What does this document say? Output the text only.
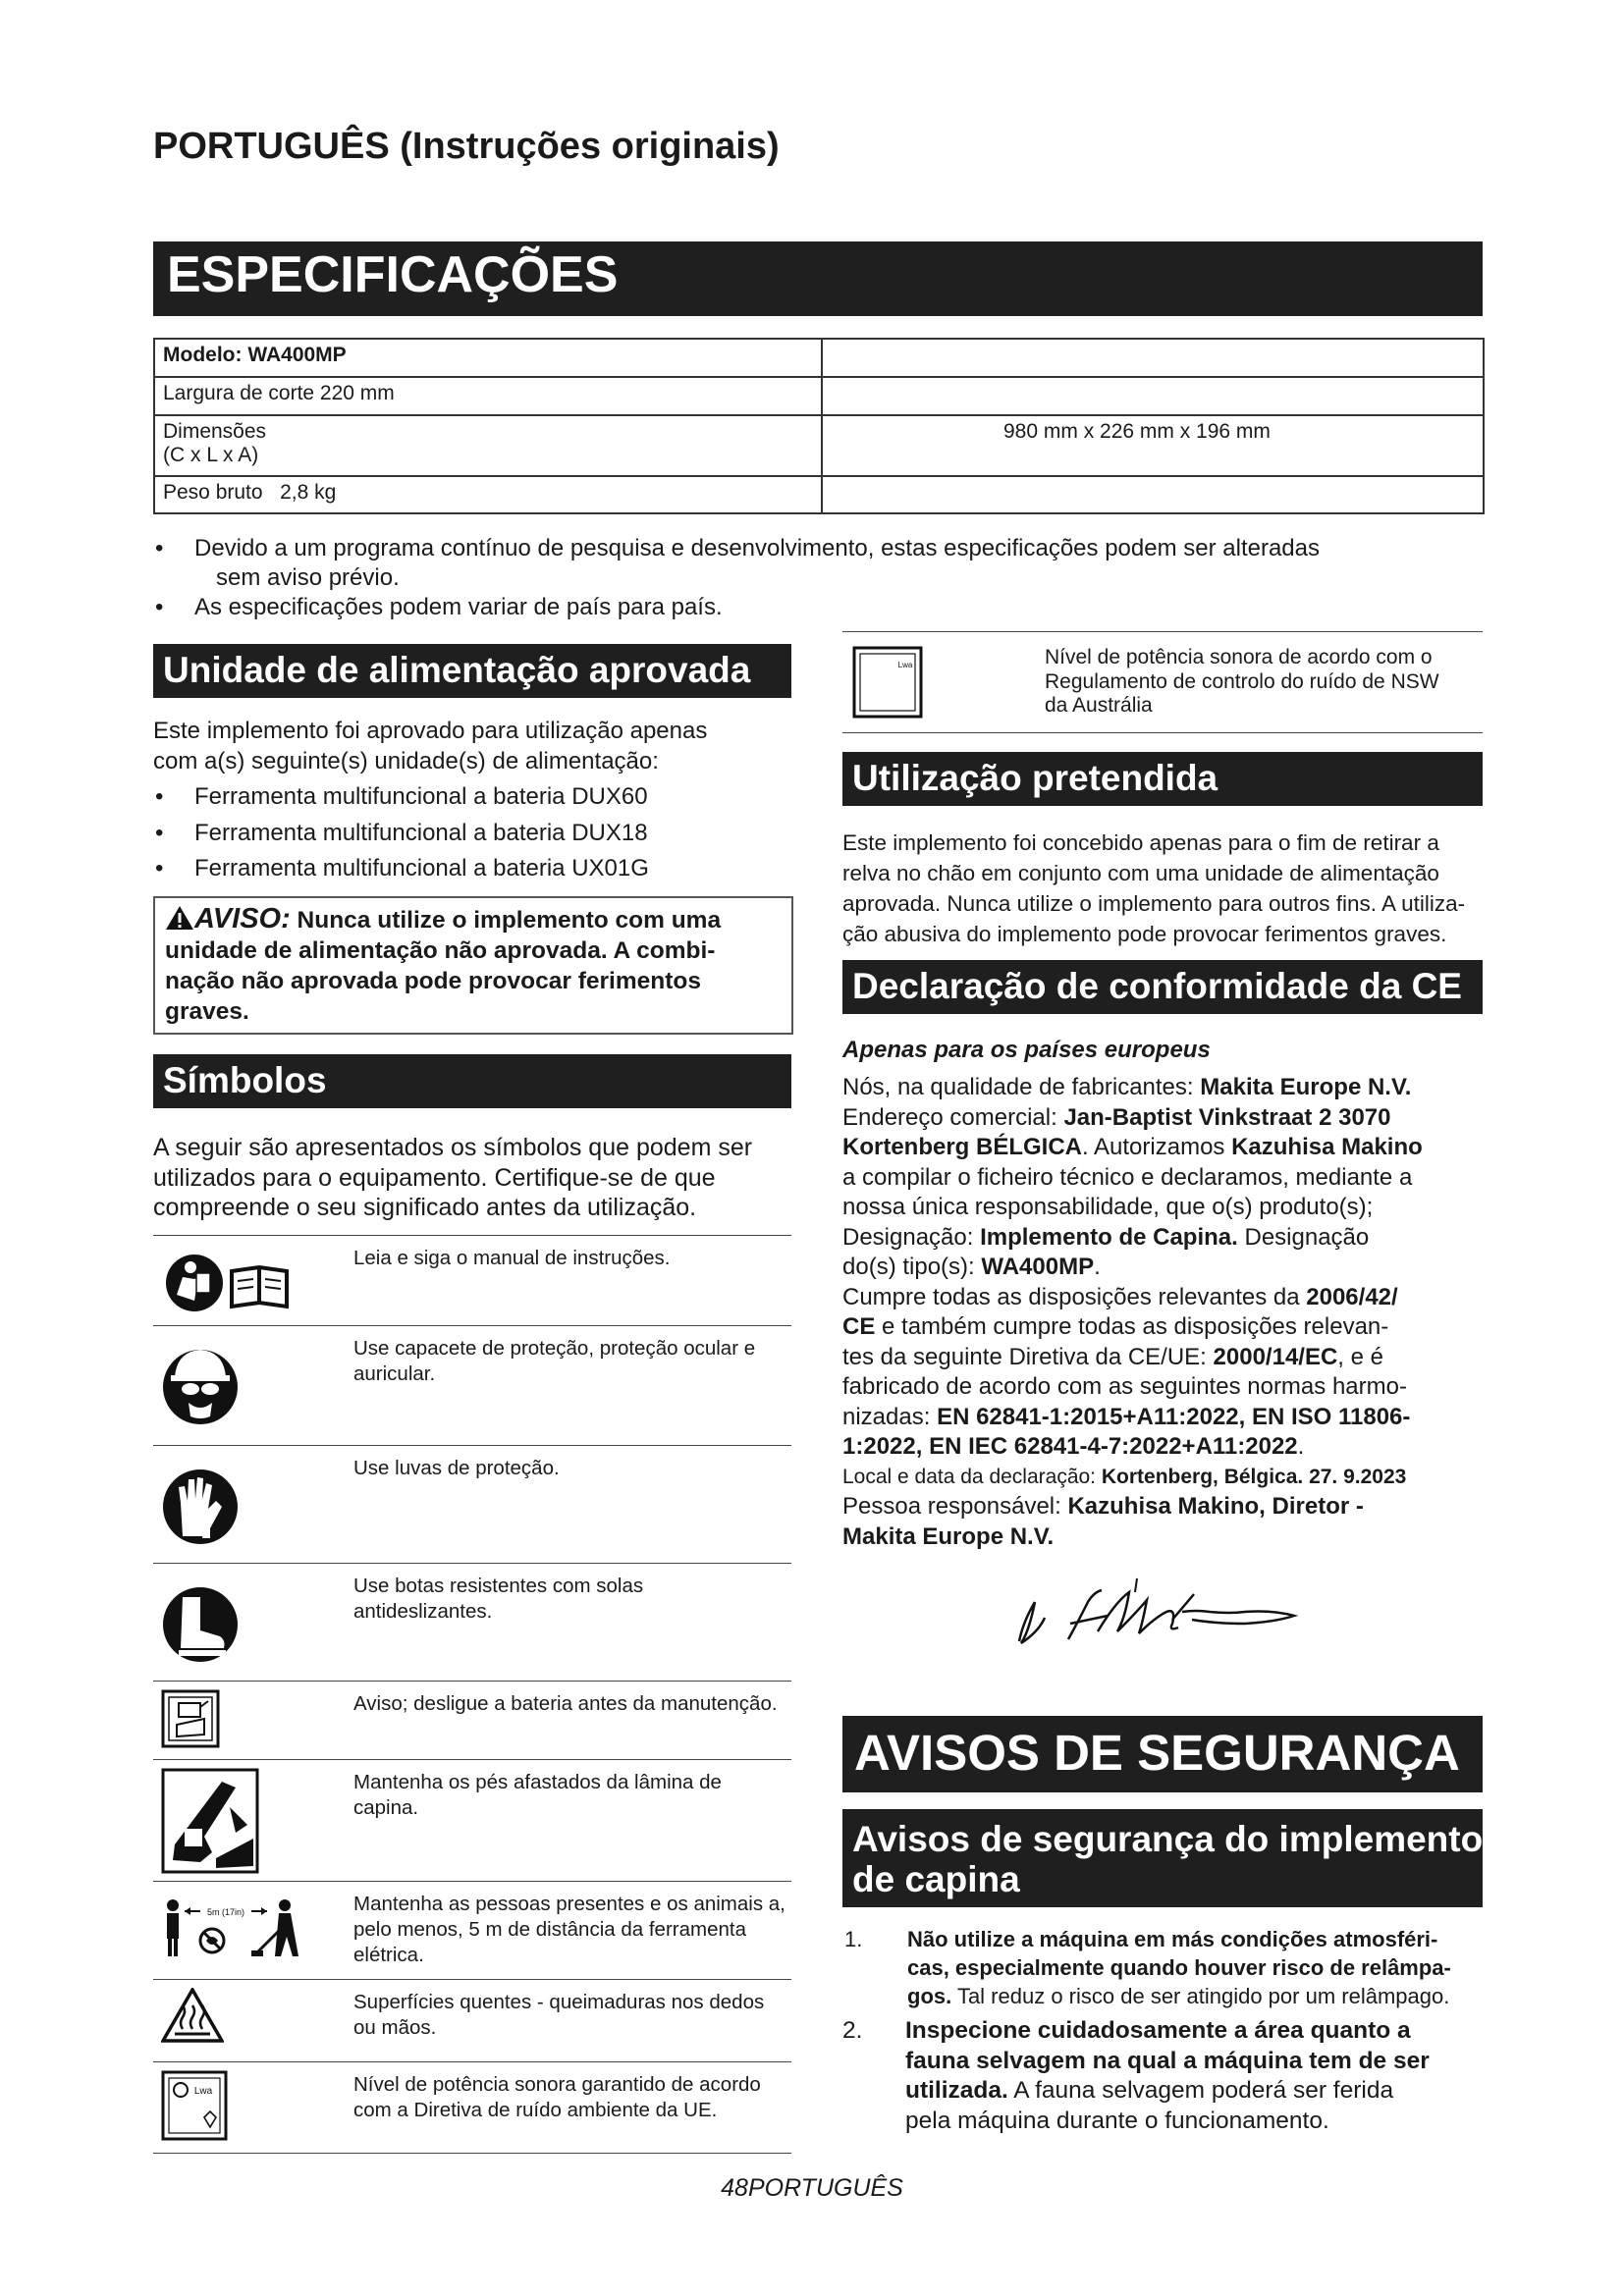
PORTUGUÊS (Instruções originais)
ESPECIFICAÇÕES
Modelo: WA400MP	
Largura de corte 220 mm	

Dimensões
(C x L x A)	980 mm x 226 mm x 196 mm
Peso bruto 2,8 kg	
• Devido a um programa contínuo de pesquisa e desenvolvimento, estas especificações podem ser alteradas
sem aviso prévio.
• As especificações podem variar de país para país.
Unidade de alimentação aprovada
Este implemento foi aprovado para utilização apenas
com a(s) seguinte(s) unidade(s) de alimentação:
• Ferramenta multifuncional a bateria DUX60
• Ferramenta multifuncional a bateria DUX18
• Ferramenta multifuncional a bateria UX01G
AVISO: Nunca utilize o implemento com uma
unidade de alimentação não aprovada. A combi-
nação não aprovada pode provocar ferimentos
graves.
Símbolos
A seguir são apresentados os símbolos que podem ser
utilizados para o equipamento. Certifique-se de que
compreende o seu significado antes da utilização.
Leia e siga o manual de instruções.
Use capacete de proteção, proteção ocular e auricular.
Use luvas de proteção.
Use botas resistentes com solas antideslizantes.
Aviso; desligue a bateria antes da manutenção.
Mantenha os pés afastados da lâmina de capina.
5m (17in)	Mantenha as pessoas presentes e os animais a, pelo menos, 5 m de distância da ferramenta elétrica.
Superfícies quentes - queimaduras nos dedos ou mãos.
Lwa	Nível de potência sonora garantido de acordo com a Diretiva de ruído ambiente da UE.
Lwa	Nível de potência sonora de acordo com o
Regulamento de controlo do ruído de NSW
da Austrália
Utilização pretendida
Este implemento foi concebido apenas para o fim de retirar a
relva no chão em conjunto com uma unidade de alimentação
aprovada. Nunca utilize o implemento para outros fins. A utiliza-
ção abusiva do implemento pode provocar ferimentos graves.
Declaração de conformidade da CE
Apenas para os países europeus
Nós, na qualidade de fabricantes: Makita Europe N.V.
Endereço comercial: Jan-Baptist Vinkstraat 2 3070
Kortenberg BÉLGICA. Autorizamos Kazuhisa Makino
a compilar o ficheiro técnico e declaramos, mediante a
nossa única responsabilidade, que o(s) produto(s);
Designação: Implemento de Capina. Designação
do(s) tipo(s): WA400MP.
Cumpre todas as disposições relevantes da 2006/42/
CE e também cumpre todas as disposições relevan-
tes da seguinte Diretiva da CE/UE: 2000/14/EC, e é
fabricado de acordo com as seguintes normas harmo-
nizadas: EN 62841-1:2015+A11:2022, EN ISO 11806-
1:2022, EN IEC 62841-4-7:2022+A11:2022.
Local e data da declaração: Kortenberg, Bélgica. 27. 9.2023
Pessoa responsável: Kazuhisa Makino, Diretor -
Makita Europe N.V.
AVISOS DE SEGURANÇA
Avisos de segurança do implemento
de capina
1. Não utilize a máquina em más condições atmosféri-
cas, especialmente quando houver risco de relâmpa-
gos. Tal reduz o risco de ser atingido por um relâmpago.
2. Inspecione cuidadosamente a área quanto a
fauna selvagem na qual a máquina tem de ser
utilizada. A fauna selvagem poderá ser ferida
pela máquina durante o funcionamento.
48PORTUGUÊS
